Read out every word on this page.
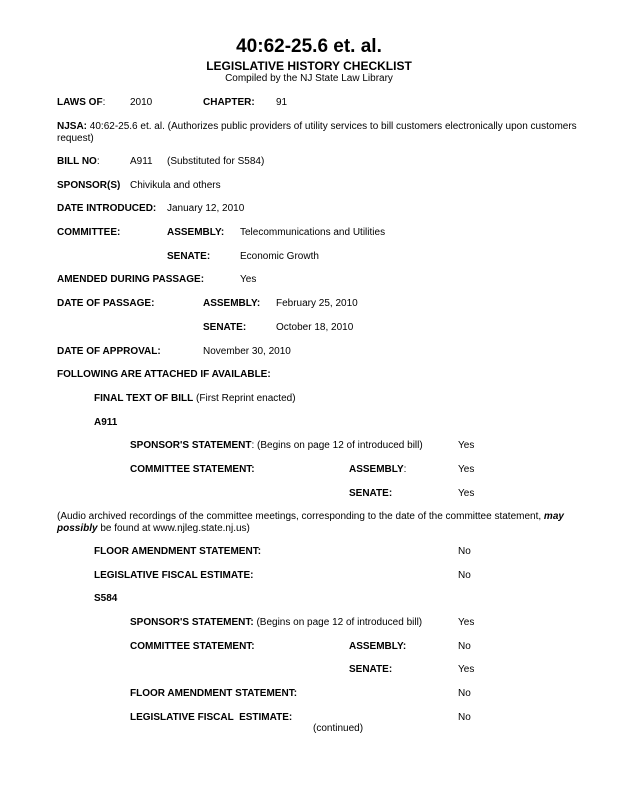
40:62-25.6 et. al.
LEGISLATIVE HISTORY CHECKLIST
Compiled by the NJ State Law Library
LAWS OF: 2010	CHAPTER: 91
NJSA: 40:62-25.6 et. al. (Authorizes public providers of utility services to bill customers electronically upon customers request)
BILL NO:	A911 (Substituted for S584)
SPONSOR(S) Chivikula and others
DATE INTRODUCED: January 12, 2010
COMMITTEE:	ASSEMBLY: Telecommunications and Utilities
SENATE:	Economic Growth
AMENDED DURING PASSAGE:	Yes
DATE OF PASSAGE:	ASSEMBLY: February 25, 2010
SENATE:	October 18, 2010
DATE OF APPROVAL:	November 30, 2010
FOLLOWING ARE ATTACHED IF AVAILABLE:
FINAL TEXT OF BILL (First Reprint enacted)
A911
SPONSOR'S STATEMENT: (Begins on page 12 of introduced bill)	Yes
COMMITTEE STATEMENT:	ASSEMBLY:	Yes
SENATE:	Yes
(Audio archived recordings of the committee meetings, corresponding to the date of the committee statement, may possibly be found at www.njleg.state.nj.us)
FLOOR AMENDMENT STATEMENT:	No
LEGISLATIVE FISCAL ESTIMATE:	No
S584
SPONSOR'S STATEMENT: (Begins on page 12 of introduced bill)	Yes
COMMITTEE STATEMENT:	ASSEMBLY:	No
SENATE:	Yes
FLOOR AMENDMENT STATEMENT:	No
LEGISLATIVE FISCAL  ESTIMATE:	No
(continued)
